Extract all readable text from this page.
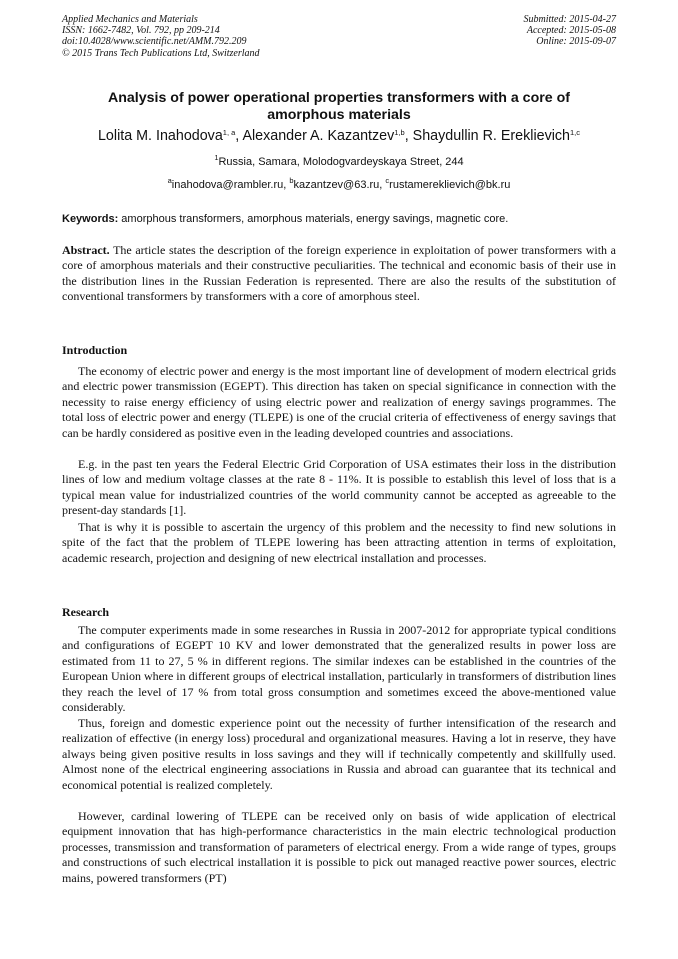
Applied Mechanics and Materials
ISSN: 1662-7482, Vol. 792, pp 209-214
doi:10.4028/www.scientific.net/AMM.792.209
© 2015 Trans Tech Publications Ltd, Switzerland
Submitted: 2015-04-27
Accepted: 2015-05-08
Online: 2015-09-07
Analysis of power operational properties transformers with a core of
amorphous materials
Lolita M. Inahodova$^{1, a}$, Alexander A. Kazantzev$^{1,b}$, Shaydullin R. Ereklievich$^{1,c}$
$^1$Russia, Samara, Molodogvardeyskaya Street, 244
$^a$inahodova@rambler.ru, $^b$kazantzev@63.ru, $^c$rustamereklievich@bk.ru
Keywords: amorphous transformers, amorphous materials, energy savings, magnetic core.

Abstract. The article states the description of the foreign experience in exploitation of power transformers with a core of amorphous materials and their constructive peculiarities. The technical and economic basis of their use in the distribution lines in the Russian Federation is represented. There are also the results of the substitution of conventional transformers by transformers with a core of amorphous steel.

Introduction

The economy of electric power and energy is the most important line of development of modern electrical grids and electric power transmission (EGEPT). This direction has taken on special significance in connection with the necessity to raise energy efficiency of using electric power and realization of energy savings programmes. The total loss of electric power and energy (TLEPE) is one of the crucial criteria of effectiveness of energy savings that can be hardly considered as positive even in the leading developed countries and associations.

E.g. in the past ten years the Federal Electric Grid Corporation of USA estimates their loss in the distribution lines of low and medium voltage classes at the rate 8 - 11%. It is possible to establish this level of loss that is a typical mean value for industrialized countries of the world community cannot be accepted as agreeable to the present-day standards [1].

That is why it is possible to ascertain the urgency of this problem and the necessity to find new solutions in spite of the fact that the problem of TLEPE lowering has been attracting attention in terms of exploitation, academic research, projection and designing of new electrical installation and processes.

Research

The computer experiments made in some researches in Russia in 2007-2012 for appropriate typical conditions and configurations of EGEPT 10 KV and lower demonstrated that the generalized results in power loss are estimated from 11 to 27, 5 % in different regions. The similar indexes can be established in the countries of the European Union where in different groups of electrical installation, particularly in transformers of distribution lines they reach the level of 17 % from total gross consumption and sometimes exceed the above-mentioned value considerably.

Thus, foreign and domestic experience point out the necessity of further intensification of the research and realization of effective (in energy loss) procedural and organizational measures. Having a lot in reserve, they have always being given positive results in loss savings and they will if technically competently and skillfully used. Almost none of the electrical engineering associations in Russia and abroad can guarantee that its technical and economical potential is realized completely.

However, cardinal lowering of TLEPE can be received only on basis of wide application of electrical equipment innovation that has high-performance characteristics in the main electric technological production processes, transmission and transformation of parameters of electrical energy. From a wide range of types, groups and constructions of such electrical installation it is possible to pick out managed reactive power sources, electric mains, powered transformers (PT)
